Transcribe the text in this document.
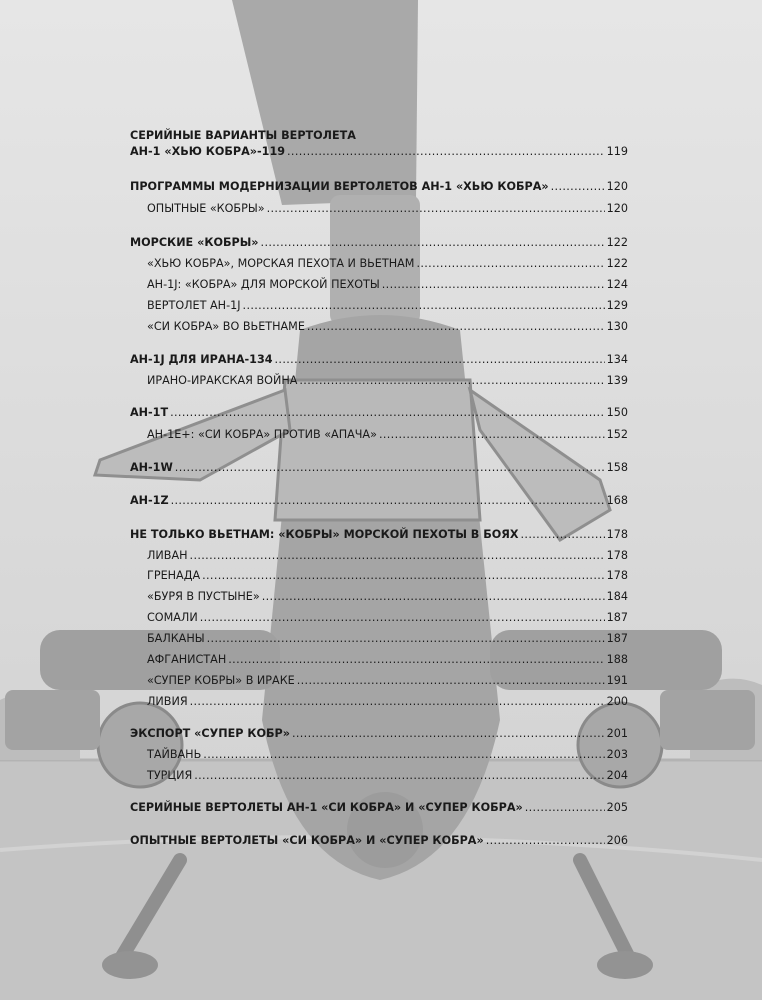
СЕРИЙНЫЕ ВАРИАНТЫ ВЕРТОЛЕТА
АН-1 «ХЬЮ КОБРА»-119 . . .	119
ПРОГРАММЫ МОДЕРНИЗАЦИИ ВЕРТОЛЕТОВ АН-1 «ХЬЮ КОБРА» . . .	120
ОПЫТНЫЕ «КОБРЫ» . . .	120
МОРСКИЕ «КОБРЫ» . . .	122
«ХЬЮ КОБРА», МОРСКАЯ ПЕХОТА И ВЬЕТНАМ . . .	122
АН-1J: «КОБРА» ДЛЯ МОРСКОЙ ПЕХОТЫ . . .	124
ВЕРТОЛЕТ АН-1J . . .	129
«СИ КОБРА» ВО ВЬЕТНАМЕ . . .	130
АН-1J ДЛЯ ИРАНА-134 . . .	134
ИРАНО-ИРАКСКАЯ ВОЙНА . . .	139
АН-1Т . . .	150
АН-1Е+: «СИ КОБРА» ПРОТИВ «АПАЧА» . . .	152
АН-1W . . .	158
АН-1Z . . .	168
НЕ ТОЛЬКО ВЬЕТНАМ: «КОБРЫ» МОРСКОЙ ПЕХОТЫ В БОЯХ . . .	178
ЛИВАН . . .	178
ГРЕНАДА . . .	178
«БУРЯ В ПУСТЫНЕ» . . .	184
СОМАЛИ . . .	187
БАЛКАНЫ . . .	187
АФГАНИСТАН . . .	188
«СУПЕР КОБРЫ» В ИРАКЕ . . .	191
ЛИВИЯ . . .	200
ЭКСПОРТ «СУПЕР КОБР» . . .	201
ТАЙВАНЬ . . .	203
ТУРЦИЯ . . .	204
СЕРИЙНЫЕ ВЕРТОЛЕТЫ АН-1 «СИ КОБРА» И «СУПЕР КОБРА» . . .	205
ОПЫТНЫЕ ВЕРТОЛЕТЫ «СИ КОБРА» И «СУПЕР КОБРА» . . .	206
